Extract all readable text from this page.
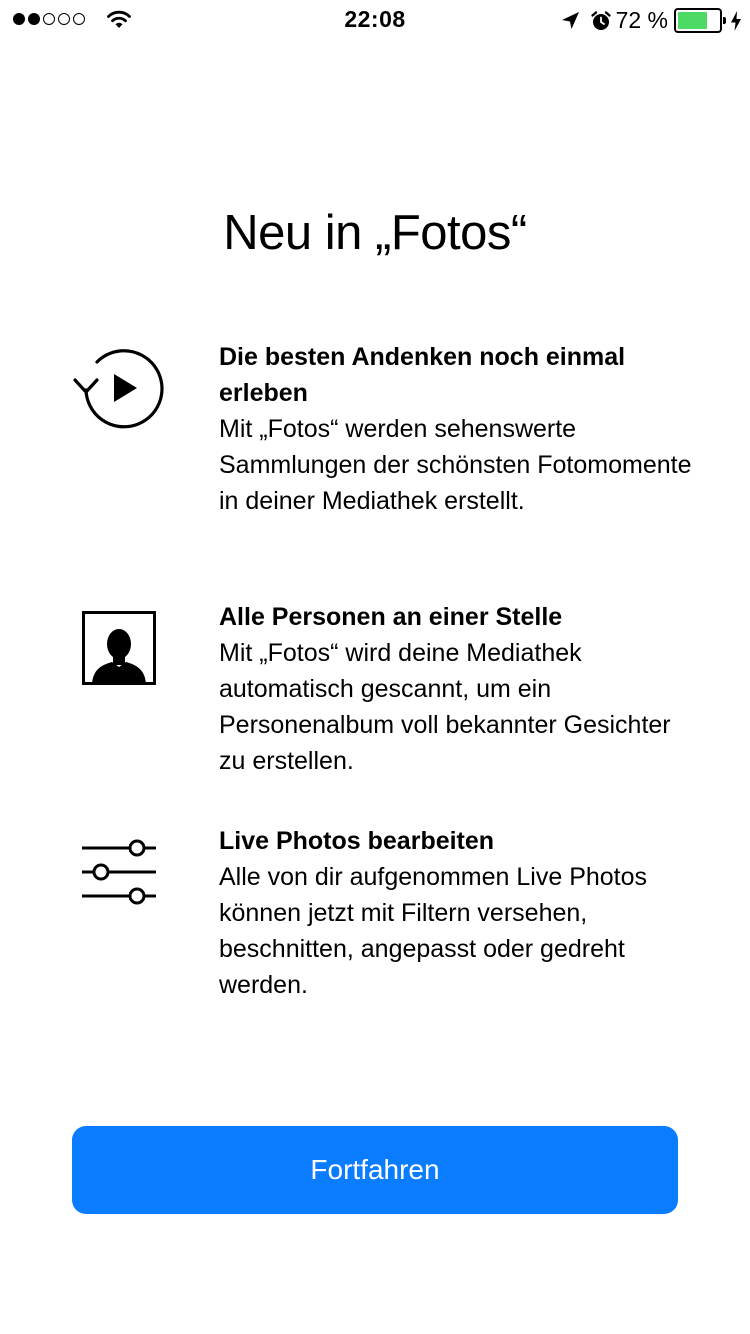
22:08	72 %
Neu in „Fotos“
Die besten Andenken noch einmal erleben
Mit „Fotos“ werden sehenswerte Sammlungen der schönsten Fotomomente in deiner Mediathek erstellt.
Alle Personen an einer Stelle
Mit „Fotos“ wird deine Mediathek automatisch gescannt, um ein Personenalbum voll bekannter Gesichter zu erstellen.
Live Photos bearbeiten
Alle von dir aufgenommen Live Photos können jetzt mit Filtern versehen, beschnitten, angepasst oder gedreht werden.
Fortfahren
